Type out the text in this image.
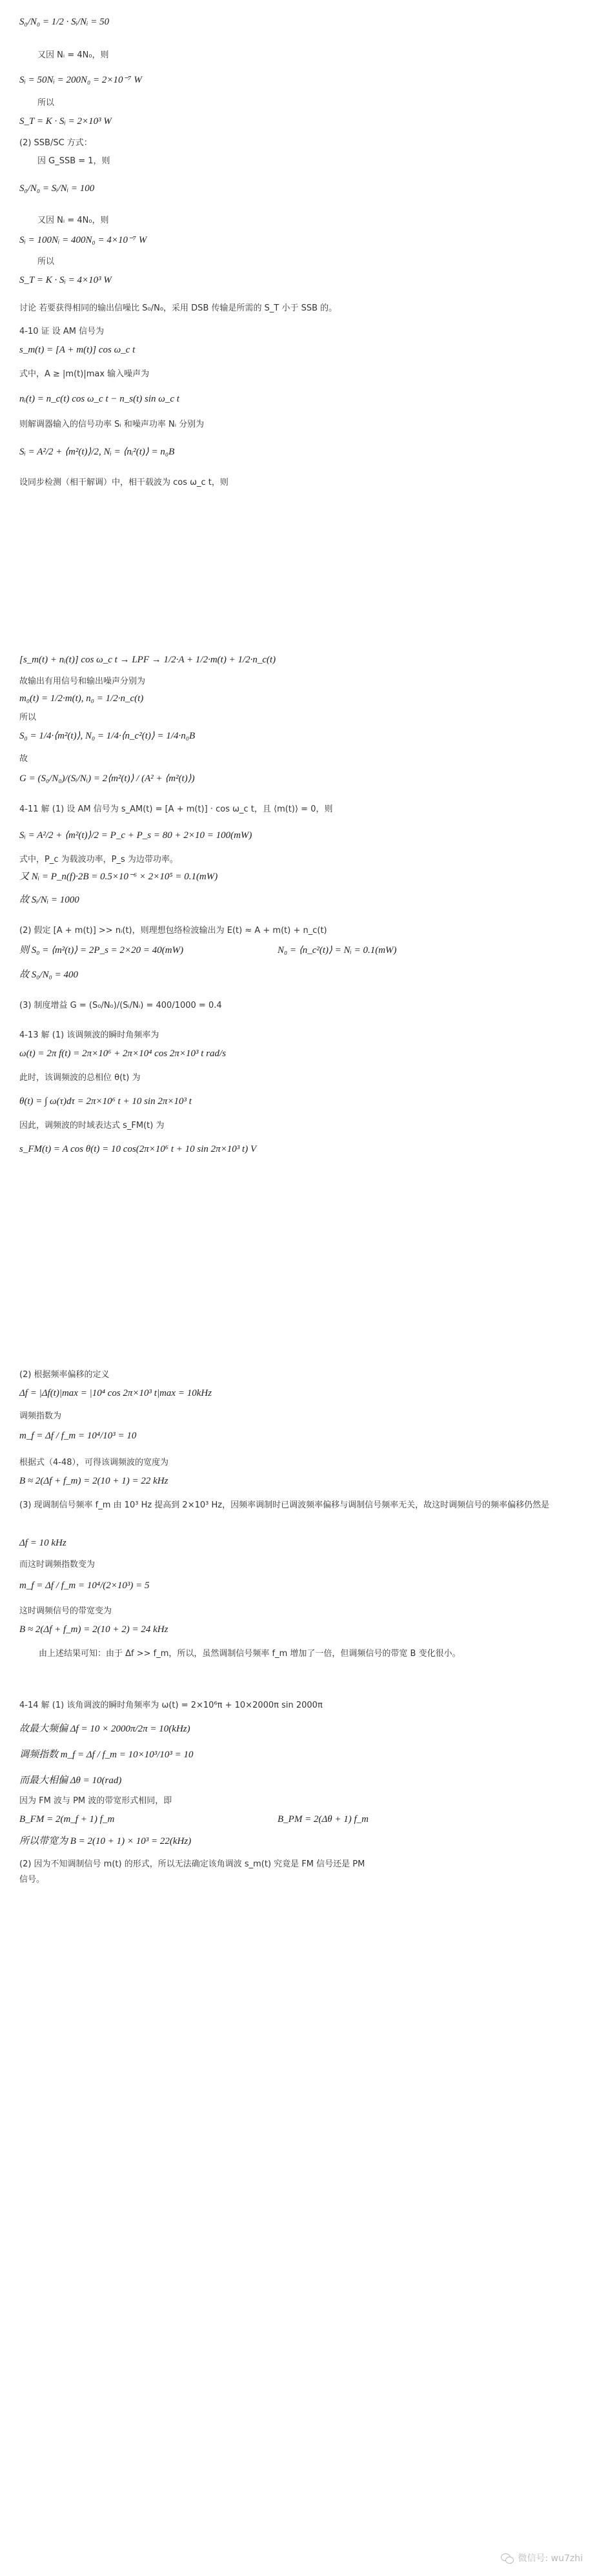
S₀/N₀ = 1/2 · Sᵢ/Nᵢ = 50
又因 Nᵢ = 4N₀，则
Sᵢ = 50Nᵢ = 200N₀ = 2×10⁻⁷ W
所以
S_T = K · Sᵢ = 2×10³ W
(2) SSB/SC 方式：
因 G_SSB = 1，则
S₀/N₀ = Sᵢ/Nᵢ = 100
又因 Nᵢ = 4N₀，则
Sᵢ = 100Nᵢ = 400N₀ = 4×10⁻⁷ W
所以
S_T = K · Sᵢ = 4×10³ W
讨论 若要获得相同的输出信噪比 S₀/N₀，采用 DSB 传输是所需的 S_T 小于 SSB 的。
4-10 证 设 AM 信号为
s_m(t) = [A + m(t)] cos ω_c t
式中，A ≥ |m(t)|max 输入噪声为
nᵢ(t) = n_c(t) cos ω_c t − n_s(t) sin ω_c t
则解调器输入的信号功率 Sᵢ 和噪声功率 Nᵢ 分别为
Sᵢ = A²/2 + ⟨m²(t)⟩/2, Nᵢ = ⟨nᵢ²(t)⟩ = n₀B
设同步检测（相干解调）中，相干载波为 cos ω_c t，则
[s_m(t) + nᵢ(t)] cos ω_c t → LPF → 1/2·A + 1/2·m(t) + 1/2·n_c(t)
故输出有用信号和输出噪声分别为
m₀(t) = 1/2·m(t), n₀ = 1/2·n_c(t)
所以
S₀ = 1/4·⟨m²(t)⟩, N₀ = 1/4·⟨n_c²(t)⟩ = 1/4·n₀B
故
G = (S₀/N₀)/(Sᵢ/Nᵢ) = 2⟨m²(t)⟩ / (A² + ⟨m²(t)⟩)
4-11 解 (1) 设 AM 信号为 s_AM(t) = [A + m(t)] · cos ω_c t，且 ⟨m(t)⟩ = 0，则
Sᵢ = A²/2 + ⟨m²(t)⟩/2 = P_c + P_s = 80 + 2×10 = 100(mW)
式中，P_c 为载波功率，P_s 为边带功率。
又 Nᵢ = P_n(f)·2B = 0.5×10⁻⁶ × 2×10⁵ = 0.1(mW)
故 Sᵢ/Nᵢ = 1000
(2) 假定 [A + m(t)] >> nᵢ(t)，则理想包络检波输出为 E(t) ≈ A + m(t) + n_c(t)
则 S₀ = ⟨m²(t)⟩ = 2P_s = 2×20 = 40(mW)	N₀ = ⟨n_c²(t)⟩ = Nᵢ = 0.1(mW)
故 S₀/N₀ = 400
(3) 制度增益 G = (S₀/N₀)/(Sᵢ/Nᵢ) = 400/1000 = 0.4
4-13 解 (1) 该调频波的瞬时角频率为
ω(t) = 2π f(t) = 2π×10⁶ + 2π×10⁴ cos 2π×10³ t rad/s
此时，该调频波的总相位 θ(t) 为
θ(t) = ∫ ω(τ)dτ = 2π×10⁶ t + 10 sin 2π×10³ t
因此，调频波的时域表达式 s_FM(t) 为
s_FM(t) = A cos θ(t) = 10 cos(2π×10⁶ t + 10 sin 2π×10³ t) V
(2) 根据频率偏移的定义
Δf = |Δf(t)|max = |10⁴ cos 2π×10³ t|max = 10kHz
调频指数为
m_f = Δf / f_m = 10⁴/10³ = 10
根据式（4-48），可得该调频波的宽度为
B ≈ 2(Δf + f_m) = 2(10 + 1) = 22 kHz
(3) 现调制信号频率 f_m 由 10³ Hz 提高到 2×10³ Hz，因频率调制时已调波频率偏移与调制信号频率无关，故这时调频信号的频率偏移仍然是
Δf = 10 kHz
而这时调频指数变为
m_f = Δf / f_m = 10⁴/(2×10³) = 5
这时调频信号的带宽变为
B ≈ 2(Δf + f_m) = 2(10 + 2) = 24 kHz
由上述结果可知：由于 Δf >> f_m，所以，虽然调制信号频率 f_m 增加了一倍，但调频信号的带宽 B 变化很小。
4-14 解 (1) 该角调波的瞬时角频率为 ω(t) = 2×10⁶π + 10×2000π sin 2000π
故最大频偏 Δf = 10 × 2000π/2π = 10(kHz)
调频指数 m_f = Δf / f_m = 10×10³/10³ = 10
而最大相偏 Δθ = 10(rad)
因为 FM 波与 PM 波的带宽形式相同，即
B_FM = 2(m_f + 1) f_m	B_PM = 2(Δθ + 1) f_m
所以带宽为 B = 2(10 + 1) × 10³ = 22(kHz)
(2) 因为不知调制信号 m(t) 的形式，所以无法确定该角调波 s_m(t) 究竟是 FM 信号还是 PM
信号。
微信号: wu7zhi
